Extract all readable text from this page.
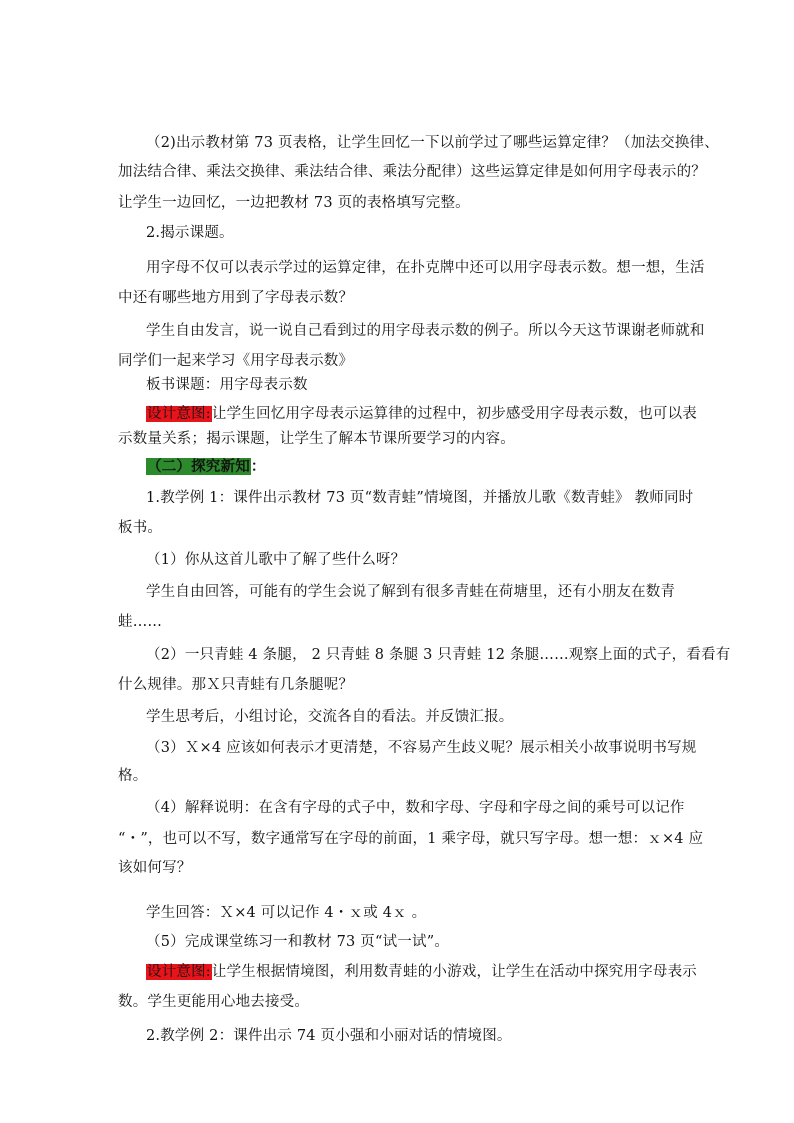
（2)出示教材第 73 页表格，让学生回忆一下以前学过了哪些运算定律？（加法交换律、
加法结合律、乘法交换律、乘法结合律、乘法分配律）这些运算定律是如何用字母表示的？
让学生一边回忆，一边把教材 73 页的表格填写完整。
2.揭示课题。
用字母不仅可以表示学过的运算定律，在扑克牌中还可以用字母表示数。想一想，生活
中还有哪些地方用到了字母表示数？
学生自由发言，说一说自己看到过的用字母表示数的例子。所以今天这节课谢老师就和
同学们一起来学习《用字母表示数》
板书课题：用字母表示数
设计意图:让学生回忆用字母表示运算律的过程中，初步感受用字母表示数，也可以表
示数量关系；揭示课题，让学生了解本节课所要学习的内容。
（二）探究新知：
1.教学例 1：课件出示教材 73 页“数青蛙”情境图，并播放儿歌《数青蛙》 教师同时
板书。
（1）你从这首儿歌中了解了些什么呀？
学生自由回答，可能有的学生会说了解到有很多青蛙在荷塘里，还有小朋友在数青
蛙……
（2）一只青蛙 4 条腿， 2 只青蛙 8 条腿 3 只青蛙 12 条腿……观察上面的式子，看看有
什么规律。那Ｘ只青蛙有几条腿呢？
学生思考后，小组讨论，交流各自的看法。并反馈汇报。
（3）Ｘ×4 应该如何表示才更清楚，不容易产生歧义呢？展示相关小故事说明书写规
格。
（4）解释说明：在含有字母的式子中，数和字母、字母和字母之间的乘号可以记作
“・”，也可以不写，数字通常写在字母的前面，1 乘字母，就只写字母。想一想：ｘ×4 应
该如何写？
学生回答：Ｘ×4 可以记作 4・ｘ或 4ｘ 。
（5）完成课堂练习一和教材 73 页“试一试”。
设计意图:让学生根据情境图，利用数青蛙的小游戏，让学生在活动中探究用字母表示
数。学生更能用心地去接受。
2.教学例 2：课件出示 74 页小强和小丽对话的情境图。
